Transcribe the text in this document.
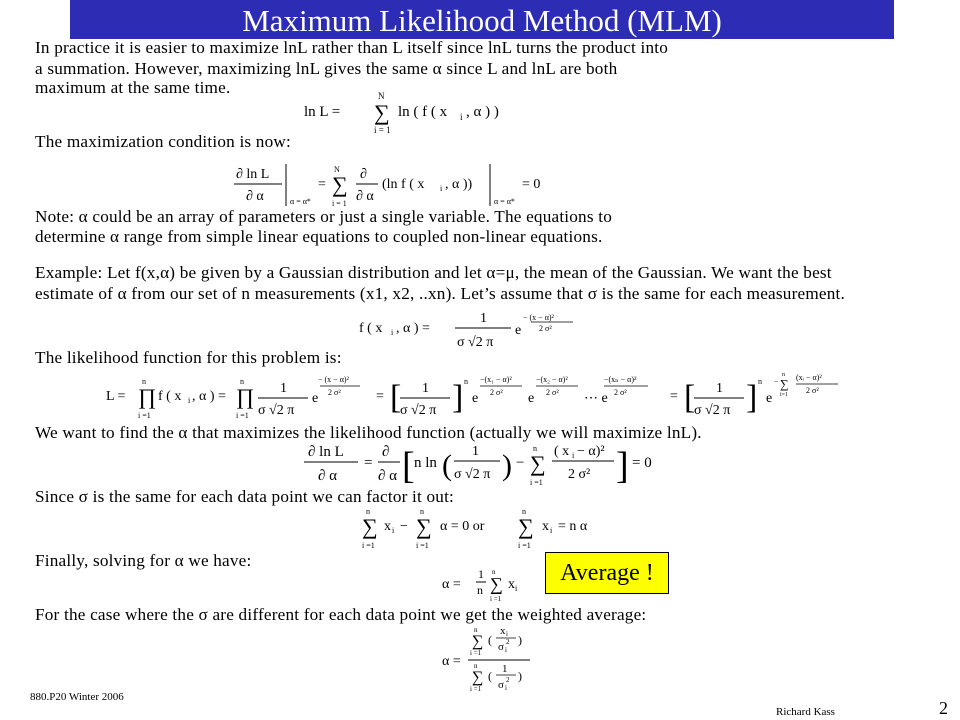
Maximum Likelihood Method (MLM)
In practice it is easier to maximize lnL rather than L itself since lnL turns the product into
a summation. However, maximizing lnL gives the same α since L and lnL are both
maximum at the same time.
ln L = ∑
N
i = 1
ln ( f ( x i , α ) )
The maximization condition is now:
∂ ln L
∂ α	α = α*
= ∑
N
i = 1
∂
∂ α
(ln f ( x i , α ))
α = α*
= 0
Note: α could be an array of parameters or just a single variable. The equations to
determine α range from simple linear equations to coupled non-linear equations.
Example: Let f(x,α) be given by a Gaussian distribution and let α=μ, the mean of the Gaussian. We want the best
estimate of α from our set of n measurements (x1, x2, ..xn). Let’s assume that σ is the same for each measurement.
f ( x i , α ) =
1
σ √2 π
e
− (x − α)²
2 σ²
The likelihood function for this problem is:
L = ∏
n
i =1
f ( x i , α ) = ∏
n
i =1
1
σ √2 π
e
− (x − α)²
2 σ²	= [ 1
σ √2 π ] n
e
−(x₁ − α)²
2 σ² e
−(x₂ − α)²
2 σ² ⋯ e
−(xₙ − α)²
2 σ²	= [ 1
σ √2 π ] n
e
− ∑
n
i=1
(xᵢ − α)²
2 σ²
We want to find the α that maximizes the likelihood function (actually we will maximize lnL).
∂ ln L
∂ α
=
∂
∂ α [ n ln ( 1
σ √2 π ) − ∑
n
i =1
( x i − α)²
2 σ² ] = 0
Since σ is the same for each data point we can factor it out:
∑
n
i =1
x i − ∑
n
i =1
α = 0 or ∑
n
i =1
x i = n α
Finally, solving for α we have:
α =
1
n ∑
n
i =1
x i
Average !
For the case where the σ are different for each data point we get the weighted average:
α =
∑
n
i =1
(
x i
σ i
2 )
∑
n
i =1
( 1
σ i
2 )
880.P20 Winter 2006
Richard Kass	2
